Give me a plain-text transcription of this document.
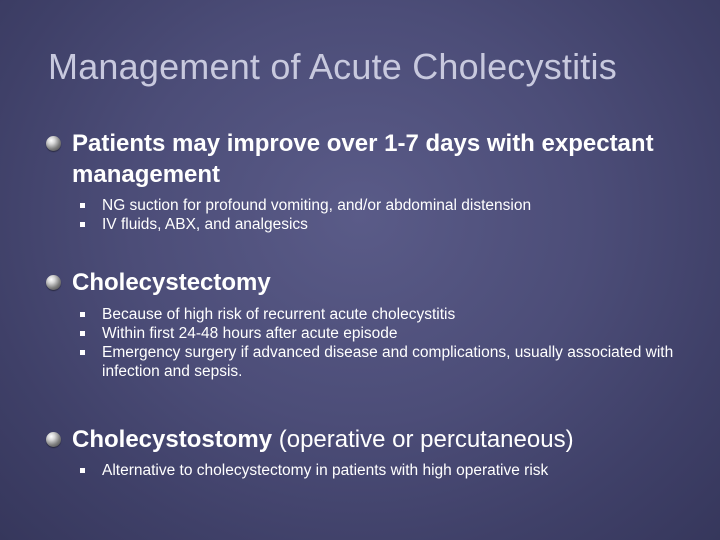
Management of Acute Cholecystitis
Patients may improve over 1-7 days with expectant management
NG suction for profound vomiting, and/or abdominal distension
IV fluids, ABX, and analgesics
Cholecystectomy
Because of high risk of recurrent acute cholecystitis
Within first 24-48 hours after acute episode
Emergency surgery if advanced disease and complications, usually associated with infection and sepsis.
Cholecystostomy (operative or percutaneous)
Alternative to cholecystectomy in patients with high operative risk
